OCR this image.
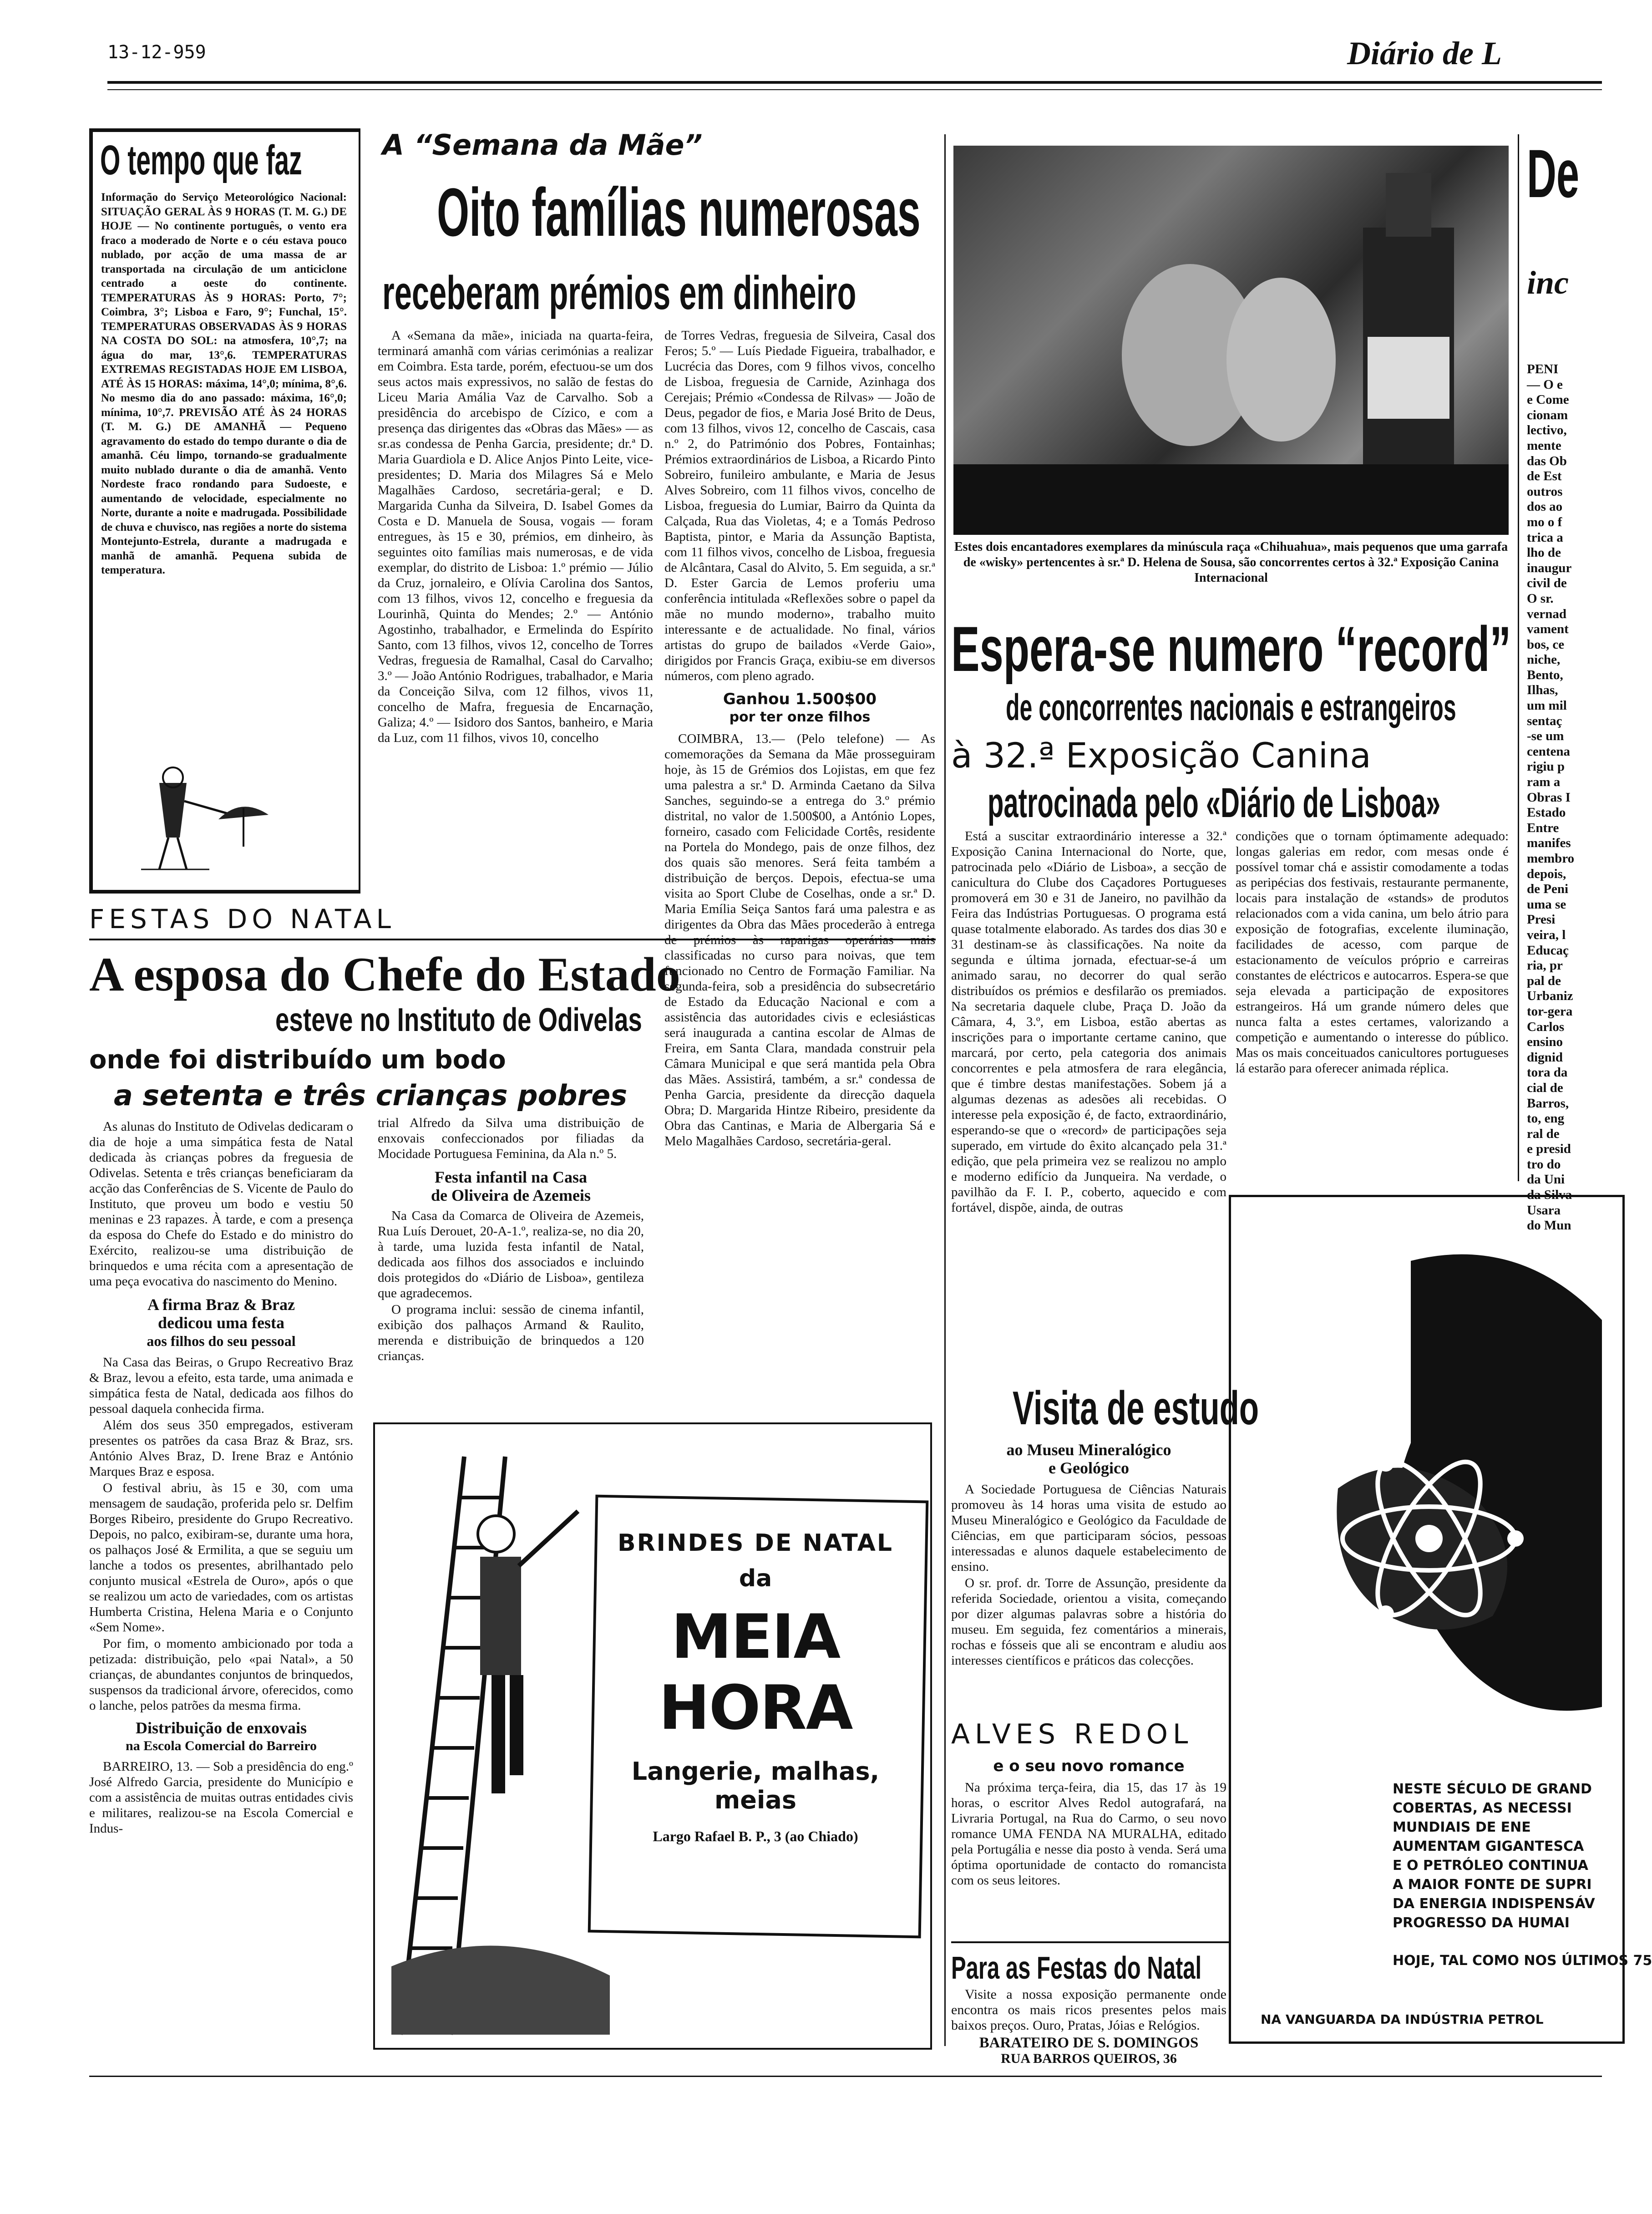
13-12-959	Diário de L
O tempo que faz
Informação do Serviço Meteorológico Nacional: SITUAÇÃO GERAL ÀS 9 HORAS (T. M. G.) DE HOJE — No continente português, o vento era fraco a moderado de Norte e o céu estava pouco nublado, por acção de uma massa de ar transportada na circulação de um anticiclone centrado a oeste do continente. TEMPERATURAS ÀS 9 HORAS: Porto, 7°; Coimbra, 3°; Lisboa e Faro, 9°; Funchal, 15°. TEMPERATURAS OBSERVADAS ÀS 9 HORAS NA COSTA DO SOL: na atmosfera, 10°,7; na água do mar, 13°,6. TEMPERATURAS EXTREMAS REGISTADAS HOJE EM LISBOA, ATÉ ÀS 15 HORAS: máxima, 14°,0; mínima, 8°,6. No mesmo dia do ano passado: máxima, 16°,0; mínima, 10°,7. PREVISÃO ATÉ ÀS 24 HORAS (T. M. G.) DE AMANHÃ — Pequeno agravamento do estado do tempo durante o dia de amanhã. Céu limpo, tornando-se gradualmente muito nublado durante o dia de amanhã. Vento Nordeste fraco rondando para Sudoeste, e aumentando de velocidade, especialmente no Norte, durante a noite e madrugada. Possibilidade de chuva e chuvisco, nas regiões a norte do sistema Montejunto-Estrela, durante a madrugada e manhã de amanhã. Pequena subida de temperatura.
FESTAS DO NATAL
A esposa do Chefe do Estado
esteve no Instituto de Odivelas
onde foi distribuído um bodo
a setenta e três crianças pobres

As alunas do Instituto de Odivelas dedicaram o dia de hoje a uma simpática festa de Natal dedicada às crianças pobres da freguesia de Odivelas. Setenta e três crianças beneficiaram da acção das Conferências de S. Vicente de Paulo do Instituto, que proveu um bodo e vestiu 50 meninas e 23 rapazes. À tarde, e com a presença da esposa do Chefe do Estado e do ministro do Exército, realizou-se uma distribuição de brinquedos e uma récita com a apresentação de uma peça evocativa do nascimento do Menino.

A firma Braz & Braz
dedicou uma festa
aos filhos do seu pessoal

Na Casa das Beiras, o Grupo Recreativo Braz & Braz, levou a efeito, esta tarde, uma animada e simpática festa de Natal, dedicada aos filhos do pessoal daquela conhecida firma.

Além dos seus 350 empregados, estiveram presentes os patrões da casa Braz & Braz, srs. António Alves Braz, D. Irene Braz e António Marques Braz e esposa.

O festival abriu, às 15 e 30, com uma mensagem de saudação, proferida pelo sr. Delfim Borges Ribeiro, presidente do Grupo Recreativo. Depois, no palco, exibiram-se, durante uma hora, os palhaços José & Ermilita, a que se seguiu um lanche a todos os presentes, abrilhantado pelo conjunto musical «Estrela de Ouro», após o que se realizou um acto de variedades, com os artistas Humberta Cristina, Helena Maria e o Conjunto «Sem Nome».

Por fim, o momento ambicionado por toda a petizada: distribuição, pelo «pai Natal», a 50 crianças, de abundantes conjuntos de brinquedos, suspensos da tradicional árvore, oferecidos, como o lanche, pelos patrões da mesma firma.

Distribuição de enxovais
na Escola Comercial do Barreiro

BARREIRO, 13. — Sob a presidência do eng.º José Alfredo Garcia, presidente do Município e com a assistência de muitas outras entidades civis e militares, realizou-se na Escola Comercial e Indus-

trial Alfredo da Silva uma distribuição de enxovais confeccionados por filiadas da Mocidade Portuguesa Feminina, da Ala n.º 5.

Festa infantil na Casa
de Oliveira de Azemeis

Na Casa da Comarca de Oliveira de Azemeis, Rua Luís Derouet, 20-A-1.º, realiza-se, no dia 20, à tarde, uma luzida festa infantil de Natal, dedicada aos filhos dos associados e incluindo dois protegidos do «Diário de Lisboa», gentileza que agradecemos.

O programa inclui: sessão de cinema infantil, exibição dos palhaços Armand & Raulito, merenda e distribuição de brinquedos a 120 crianças.

BRINDES DE NATAL
da
MEIA HORA
Langerie, malhas,
meias
Largo Rafael B. P., 3 (ao Chiado)
A “Semana da Mãe”
Oito famílias numerosas
receberam prémios em dinheiro
A «Semana da mãe», iniciada na quarta-feira, terminará amanhã com várias cerimónias a realizar em Coimbra. Esta tarde, porém, efectuou-se um dos seus actos mais expressivos, no salão de festas do Liceu Maria Amália Vaz de Carvalho. Sob a presidência do arcebispo de Cízico, e com a presença das dirigentes das «Obras das Mães» — as sr.as condessa de Penha Garcia, presidente; dr.ª D. Maria Guardiola e D. Alice Anjos Pinto Leite, vice-presidentes; D. Maria dos Milagres Sá e Melo Magalhães Cardoso, secretária-geral; e D. Margarida Cunha da Silveira, D. Isabel Gomes da Costa e D. Manuela de Sousa, vogais — foram entregues, às 15 e 30, prémios, em dinheiro, às seguintes oito famílias mais numerosas, e de vida exemplar, do distrito de Lisboa: 1.º prémio — Júlio da Cruz, jornaleiro, e Olívia Carolina dos Santos, com 13 filhos, vivos 12, concelho e freguesia da Lourinhã, Quinta do Mendes; 2.º — António Agostinho, trabalhador, e Ermelinda do Espírito Santo, com 13 filhos, vivos 12, concelho de Torres Vedras, freguesia de Ramalhal, Casal do Carvalho; 3.º — João António Rodrigues, trabalhador, e Maria da Conceição Silva, com 12 filhos, vivos 11, concelho de Mafra, freguesia de Encarnação, Galiza; 4.º — Isidoro dos Santos, banheiro, e Maria da Luz, com 11 filhos, vivos 10, concelho
de Torres Vedras, freguesia de Silveira, Casal dos Feros; 5.º — Luís Piedade Figueira, trabalhador, e Lucrécia das Dores, com 9 filhos vivos, concelho de Lisboa, freguesia de Carnide, Azinhaga dos Cerejais; Prémio «Condessa de Rilvas» — João de Deus, pegador de fios, e Maria José Brito de Deus, com 13 filhos, vivos 12, concelho de Cascais, casa n.º 2, do Património dos Pobres, Fontainhas; Prémios extraordinários de Lisboa, a Ricardo Pinto Sobreiro, funileiro ambulante, e Maria de Jesus Alves Sobreiro, com 11 filhos vivos, concelho de Lisboa, freguesia do Lumiar, Bairro da Quinta da Calçada, Rua das Violetas, 4; e a Tomás Pedroso Baptista, pintor, e Maria da Assunção Baptista, com 11 filhos vivos, concelho de Lisboa, freguesia de Alcântara, Casal do Alvito, 5. Em seguida, a sr.ª D. Ester Garcia de Lemos proferiu uma conferência intitulada «Reflexões sobre o papel da mãe no mundo moderno», trabalho muito interessante e de actualidade. No final, vários artistas do grupo de bailados «Verde Gaio», dirigidos por Francis Graça, exibiu-se em diversos números, com pleno agrado.
Ganhou 1.500$00
por ter onze filhos

COIMBRA, 13.— (Pelo telefone) — As comemorações da Semana da Mãe prosseguiram hoje, às 15 de Grémios dos Lojistas, em que fez uma palestra a sr.ª D. Arminda Caetano da Silva Sanches, seguindo-se a entrega do 3.º prémio distrital, no valor de 1.500$00, a António Lopes, forneiro, casado com Felicidade Cortês, residente na Portela do Mondego, pais de onze filhos, dez dos quais são menores. Será feita também a distribuição de berços. Depois, efectua-se uma visita ao Sport Clube de Coselhas, onde a sr.ª D. Maria Emília Seiça Santos fará uma palestra e as dirigentes da Obra das Mães procederão à entrega de prémios às raparigas operárias mais classificadas no curso para noivas, que tem funcionado no Centro de Formação Familiar. Na segunda-feira, sob a presidência do subsecretário de Estado da Educação Nacional e com a assistência das autoridades civis e eclesiásticas será inaugurada a cantina escolar de Almas de Freira, em Santa Clara, mandada construir pela Câmara Municipal e que será mantida pela Obra das Mães. Assistirá, também, a sr.ª condessa de Penha Garcia, presidente da direcção daquela Obra; D. Margarida Hintze Ribeiro, presidente da Obra das Cantinas, e Maria de Albergaria Sá e Melo Magalhães Cardoso, secretária-geral.

Estes dois encantadores exemplares da minúscula raça «Chihuahua», mais pequenos que uma garrafa de «wisky» pertencentes à sr.ª D. Helena de Sousa, são concorrentes certos à 32.ª Exposição Canina Internacional
Espera-se numero “record”
de concorrentes nacionais e estrangeiros
à 32.ª Exposição Canina
patrocinada pelo «Diário de Lisboa»
Está a suscitar extraordinário interesse a 32.ª Exposição Canina Internacional do Norte, que, patrocinada pelo «Diário de Lisboa», a secção de canicultura do Clube dos Caçadores Portugueses promoverá em 30 e 31 de Janeiro, no pavilhão da Feira das Indústrias Portuguesas. O programa está quase totalmente elaborado. As tardes dos dias 30 e 31 destinam-se às classificações. Na noite da segunda e última jornada, efectuar-se-á um animado sarau, no decorrer do qual serão distribuídos os prémios e desfilarão os premiados. Na secretaria daquele clube, Praça D. João da Câmara, 4, 3.º, em Lisboa, estão abertas as inscrições para o importante certame canino, que marcará, por certo, pela categoria dos animais concorrentes e pela atmosfera de rara elegância, que é timbre destas manifestações. Sobem já a algumas dezenas as adesões ali recebidas. O interesse pela exposição é, de facto, extraordinário, esperando-se que o «record» de participações seja superado, em virtude do êxito alcançado pela 31.ª edição, que pela primeira vez se realizou no amplo e moderno edifício da Junqueira. Na verdade, o pavilhão da F. I. P., coberto, aquecido e com fortável, dispõe, ainda, de outras
condições que o tornam óptimamente adequado: longas galerias em redor, com mesas onde é possível tomar chá e assistir comodamente a todas as peripécias dos festivais, restaurante permanente, locais para instalação de «stands» de produtos relacionados com a vida canina, um belo átrio para exposição de fotografias, excelente iluminação, facilidades de acesso, com parque de estacionamento de veículos próprio e carreiras constantes de eléctricos e autocarros. Espera-se que seja elevada a participação de expositores estrangeiros. Há um grande número deles que nunca falta a estes certames, valorizando a competição e aumentando o interesse do público. Mas os mais conceituados canicultores portugueses lá estarão para oferecer animada réplica.
Visita de estudo
ao Museu Mineralógico
e Geológico

A Sociedade Portuguesa de Ciências Naturais promoveu às 14 horas uma visita de estudo ao Museu Mineralógico e Geológico da Faculdade de Ciências, em que participaram sócios, pessoas interessadas e alunos daquele estabelecimento de ensino.

O sr. prof. dr. Torre de Assunção, presidente da referida Sociedade, orientou a visita, começando por dizer algumas palavras sobre a história do museu. Em seguida, fez comentários a minerais, rochas e fósseis que ali se encontram e aludiu aos interesses científicos e práticos das colecções.

ALVES REDOL
e o seu novo romance
Na próxima terça-feira, dia 15, das 17 às 19 horas, o escritor Alves Redol autografará, na Livraria Portugal, na Rua do Carmo, o seu novo romance UMA FENDA NA MURALHA, editado pela Portugália e nesse dia posto à venda. Será uma óptima oportunidade de contacto do romancista com os seus leitores.
Para as Festas do Natal
Visite a nossa exposição permanente onde encontra os mais ricos presentes pelos mais baixos preços. Ouro, Pratas, Jóias e Relógios.
BARATEIRO DE S. DOMINGOS
RUA BARROS QUEIROS, 36
De
inc
PENI
— O e
e Come
cionam
lectivo,
mente
das Ob
de Est
outros
dos ao
mo o f
trica a
lho de
inaugur
civil de
O sr.
vernad
vament
bos, ce
niche,
Bento,
Ilhas,
um mil
sentaç
-se um
centena
rigiu p
ram a
Obras I
Estado
Entre
manifes
membro
depois,
de Peni
uma se
Presi
veira, l
Educaç
ria, pr
pal de
Urbaniz
tor-gera
Carlos
ensino
dignid
tora da
cial de
Barros,
to, eng
ral de
e presid
tro do
da Uni
da Silva
Usara
do Mun
NESTE SÉCULO DE GRAND
COBERTAS, AS NECESSI
MUNDIAIS DE ENE
AUMENTAM GIGANTESCA
E O PETRÓLEO CONTINUA
A MAIOR FONTE DE SUPRI
DA ENERGIA INDISPENSÁV
PROGRESSO DA HUMAI
HOJE, TAL COMO NOS ÚLTIMOS 75
NA VANGUARDA DA INDÚSTRIA PETROL
